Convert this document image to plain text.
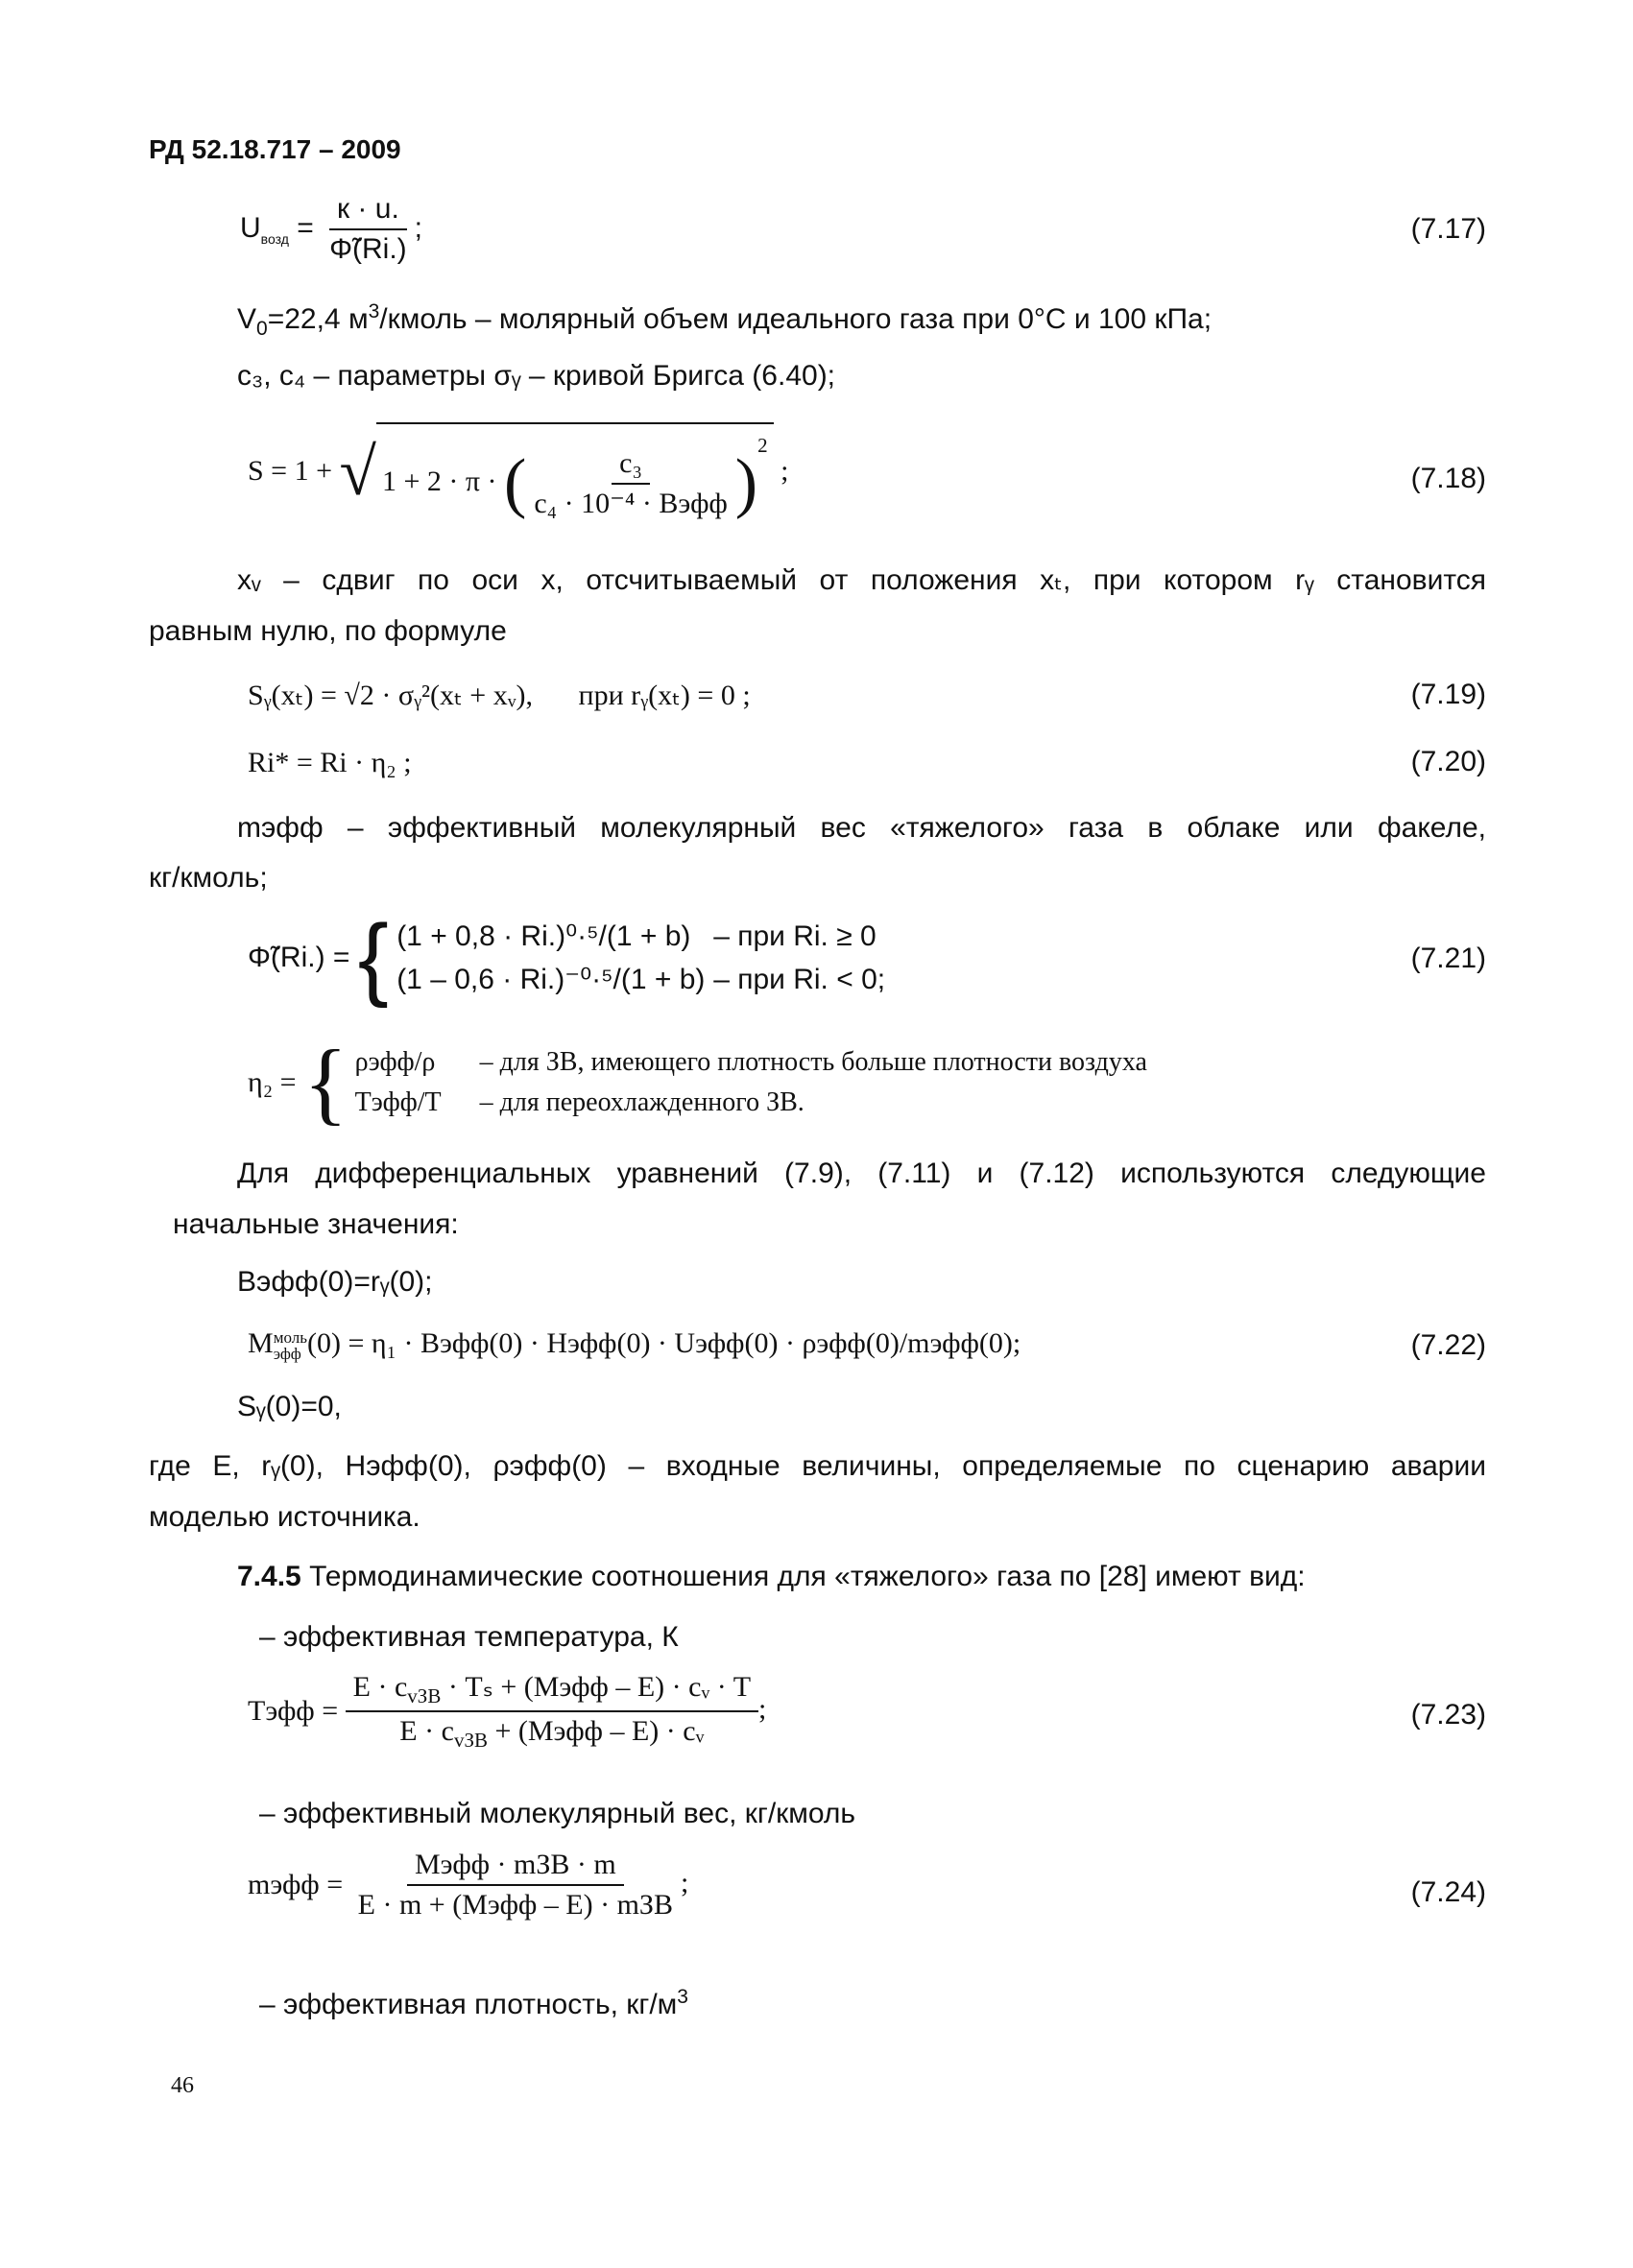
РД 52.18.717 – 2009
$U_{возд} = \frac{к \cdot u.}{\Phĩ(Ri.)}$ ;	(7.17)
$V_0=22,4$ $м^3$/кмоль – молярный объем идеального газа при 0°С и 100 кПа;
с₃, с₄ – параметры σᵧ – кривой Бригса (6.40);
S = 1 + √ 1 + 2 · π · ( $\frac{\text{c₃}}{\text{c₄ · 10⁻⁴ · Bэфф}} )^2$ ;	(7.18)
xᵥ – сдвиг по оси x, отсчитываемый от положения xₜ, при котором rᵧ становится
равным нулю, по формуле
Sᵧ(xₜ) = √2 · σᵧ²(xₜ + xᵥ), при rᵧ(xₜ) = 0 ;	(7.19)
Ri* = Ri · η₂ ;	(7.20)
mэфф – эффективный молекулярный вес «тяжелого» газа в облаке или факеле,
кг/кмоль;
Φ̃(Ri.) = { (1 + 0,8 · Ri.)⁰·⁵/(1 + b) – при Ri. ≥ 0
(1 – 0,6 · Ri.)⁻⁰·⁵/(1 + b) – при Ri. < 0;
(7.21)
η₂ = { ρэфф/ρ – для ЗВ, имеющего плотность больше плотности воздуха
Tэфф/T – для переохлажденного ЗВ.
Для дифференциальных уравнений (7.9), (7.11) и (7.12) используются следующие
начальные значения:
Bэфф(0)=rᵧ(0);
M моль
эфф (0) = η₁ · Bэфф(0) · Hэфф(0) · Uэфф(0) · ρэфф(0)/mэфф(0);	(7.22)
Sᵧ(0)=0,
где E, rᵧ(0), Hэфф(0), ρэфф(0) – входные величины, определяемые по сценарию аварии
моделью источника.
7.4.5 Термодинамические соотношения для «тяжелого» газа по [28] имеют вид:
– эффективная температура, К
Tэфф = $\frac{E \cdot c_{vЗВ} \cdot T_s + (Mэфф - E) \cdot cᵥ \cdot T}{E \cdot c_{vЗВ} + (Mэфф - E) \cdot cᵥ}$ ;	(7.23)
– эффективный молекулярный вес, кг/кмоль
mэфф = $\frac{\text{Mэфф · mЗВ · m}}{\text{E · m + (Mэфф – E) · mЗВ}}$ ;	(7.24)
– эффективная плотность, $кг/м^3$
46
